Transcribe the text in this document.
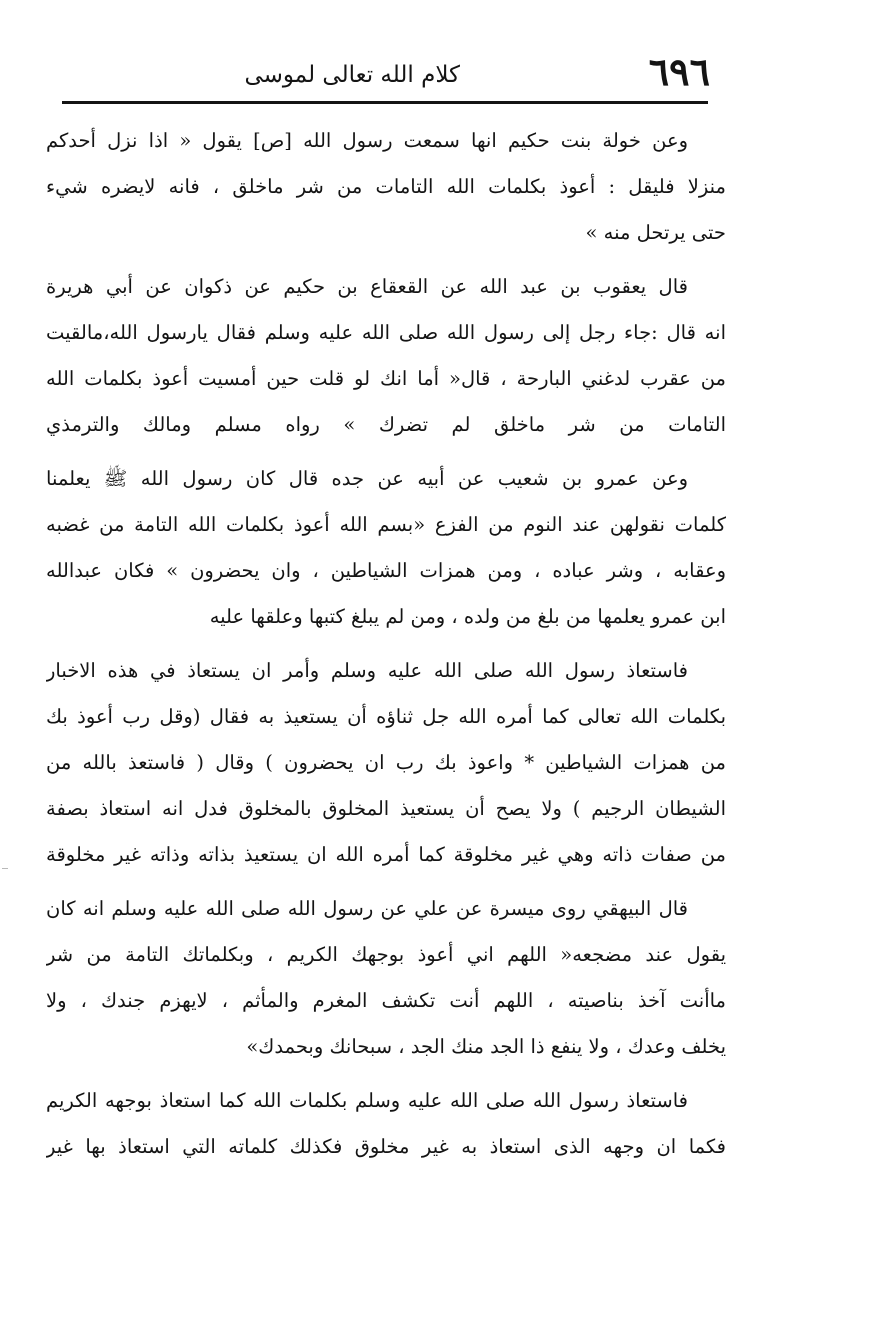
٦٩٦
كلام الله تعالى لموسى
وعن خولة بنت حكيم انها سمعت رسول الله [ص] يقول « اذا نزل أحدكم
منزلا فليقل : أعوذ بكلمات الله التامات من شر ماخلق ، فانه لايضره شيء
حتى يرتحل منه »
قال يعقوب بن عبد الله عن القعقاع بن حكيم عن ذكوان عن أبي هريرة
انه قال :جاء رجل إلى رسول الله صلى الله عليه وسلم فقال يارسول الله،مالقيت
من عقرب لدغني البارحة ، قال« أما انك لو قلت حين أمسيت أعوذ بكلمات الله
التامات من شر ماخلق لم تضرك » رواه مسلم ومالك والترمذي
وعن عمرو بن شعيب عن أبيه عن جده قال كان رسول الله ﷺ يعلمنا
كلمات نقولهن عند النوم من الفزع «بسم الله أعوذ بكلمات الله التامة من غضبه
وعقابه ، وشر عباده ، ومن همزات الشياطين ، وان يحضرون » فكان عبدالله
ابن عمرو يعلمها من بلغ من ولده ، ومن لم يبلغ كتبها وعلقها عليه
فاستعاذ رسول الله صلى الله عليه وسلم وأمر ان يستعاذ في هذه الاخبار
بكلمات الله تعالى كما أمره الله جل ثناؤه أن يستعيذ به فقال (وقل رب أعوذ بك
من همزات الشياطين * واعوذ بك رب ان يحضرون ) وقال ( فاستعذ بالله من
الشيطان الرجيم ) ولا يصح أن يستعيذ المخلوق بالمخلوق فدل انه استعاذ بصفة
من صفات ذاته وهي غير مخلوقة كما أمره الله ان يستعيذ بذاته وذاته غير مخلوقة
قال البيهقي روى ميسرة عن علي عن رسول الله صلى الله عليه وسلم انه كان
يقول عند مضجعه« اللهم اني أعوذ بوجهك الكريم ، وبكلماتك التامة من شر
ماأنت آخذ بناصيته ، اللهم أنت تكشف المغرم والمأثم ، لايهزم جندك ، ولا
يخلف وعدك ، ولا ينفع ذا الجد منك الجد ، سبحانك وبحمدك»
فاستعاذ رسول الله صلى الله عليه وسلم بكلمات الله كما استعاذ بوجهه الكريم
فكما ان وجهه الذى استعاذ به غير مخلوق فكذلك كلماته التي استعاذ بها غير
